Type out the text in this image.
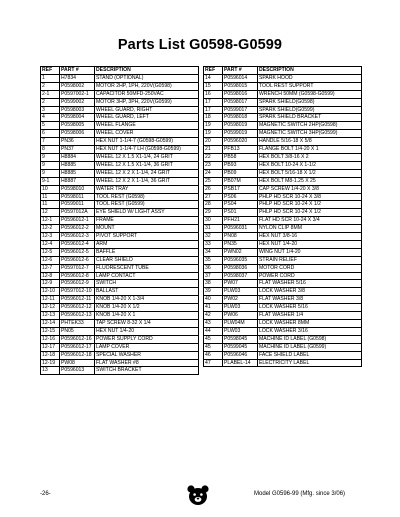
Parts List G0598-G0599
REF	PART #	DESCRIPTION
1	H7834	STAND (OPTIONAL)
2	P0598002	MOTOR 2HP, 1PH, 220V(G0598)
2-1	P0597002-1	CAPACITOR 50MFD-250VAC
2	P0599002	MOTOR 3HP, 3PH, 220V(G0599)
3	P0598003	WHEEL GUARD, RIGHT
4	P0598004	WHEEL GUARD, LEFT
5	P0598005	WHEEL FLANGE
6	P0598006	WHEEL COVER
7	PN36	HEX NUT 1-1/4-7 (G0598-G0599)
8	PN37	HEX NUT 1-1/4-7 LH (G0598-G0599)
9	H8884	WHEEL 12 X 1.5 X1-1/4, 24 GRIT
9	H8885	WHEEL 12 X 1.5 X1-1/4, 36 GRIT
9	H8885	WHEEL 12 X 2 X 1-1/4, 24 GRIT
9-1	H8887	WHEEL 12 X 2 X 1-1/4, 36 GRIT
10	P0598010	WATER TRAY
11	P0598011	TOOL REST (G0598)
11	P0599011	TOOL REST (G0599)
12	P0597012A	EYE SHIELD W/ LIGHT ASSY
12-1	P0596012-1	FRAME
12-2	P0596012-2	MOUNT
12-3	P0596012-3	PIVOT SUPPORT
12-4	P0596012-4	ARM
12-5	P0596012-5	BAFFLE
12-6	P0596012-6	CLEAR SHIELD
12-7	P0597012-7	FLUORESCENT TUBE
12-8	P0596012-8	LAMP CONTACT
12-9	P0596012-9	SWITCH
12-10	P0597012-10	BALLAST
12-11	P0596012-11	KNOB 1/4-20 X 1-3/4
12-12	P0596012-12	KNOB 1/4-20 X 1/2
12-13	P0596012-13	KNOB 1/4-20 X 1
12-14	PHTEK33	TAP SCREW 8-32 X 1/4
12-15	PN05	HEX NUT 1/4-20
12-16	P0596012-16	POWER SUPPLY CORD
12-17	P0596012-17	LAMP COVER
12-18	P0596012-18	SPECIAL WASHER
12-19	PW08	FLAT WASHER #8
13	P0596013	SWITCH BRACKET
REF	PART #	DESCRIPTION
14	P0596014	SPARK HOOD
15	P0598015	TOOL REST SUPPORT
16	P0598016	WRENCH 50MM (G0598-G0599)
17	P0598017	SPARK SHIELD(G0598)
17	P0599017	SPARK SHIELD(G0599)
18	P0598018	SPARK SHIELD BRACKET
19	P0598019	MAGNETIC SWITCH 2HP(G0598)
19	P0599019	MAGNETIC SWITCH 3HP(G0599)
20	P0596020	HANDLE 5/16-18 X 5/8
21	PFB13	FLANGE BOLT 1/4-20 X 1
22	PB58	HEX BOLT 3/8-16 X 2
23	PB93	HEX BOLT 10-24 X 1-1/2
24	PB09	HEX BOLT 5/16-18 X 1/2
25	PB07M	HEX BOLT M8-1.25 X 25
26	PSB17	CAP SCREW 1/4-20 X 3/8
27	PS06	PHLP HD SCR 10-24 X 3/8
28	PS04	PHLP HD SCR 10-24 X 1/2
29	PS01	PHLP HD SCR 10-24 X 1/2
30	PFH21	FLAT HD SCR 10-24 X 3/4
31	P0596031	NYLON CLIP 8MM
32	PN08	HEX NUT 3/8-16
33	PN35	HEX NUT 1/4-20
34	PWN02	WING NUT 1/4-20
35	P0596035	STRAIN RELIEF
36	P0598036	MOTOR CORD
37	P0598037	POWER CORD
38	PW07	FLAT WASHER 5/16
39	PLW03	LOCK WASHER 3/8
40	PW02	FLAT WASHER 3/8
41	PLW03	LOCK WASHER 5/16
42	PW06	FLAT WASHER 1/4
43	PLW04M	LOCK WASHER 8MM
44	PLW03	LOCK WASHER 3/16
45	P0598045	MACHINE ID LABEL (G0598)
45	P0599045	MACHINE ID LABEL (G0599)
46	P0596046	FACE SHIELD LABEL
47	PLABEL-14	ELECTRICITY LABEL
-26-	Model G0596-99 (Mfg. since 3/06)
